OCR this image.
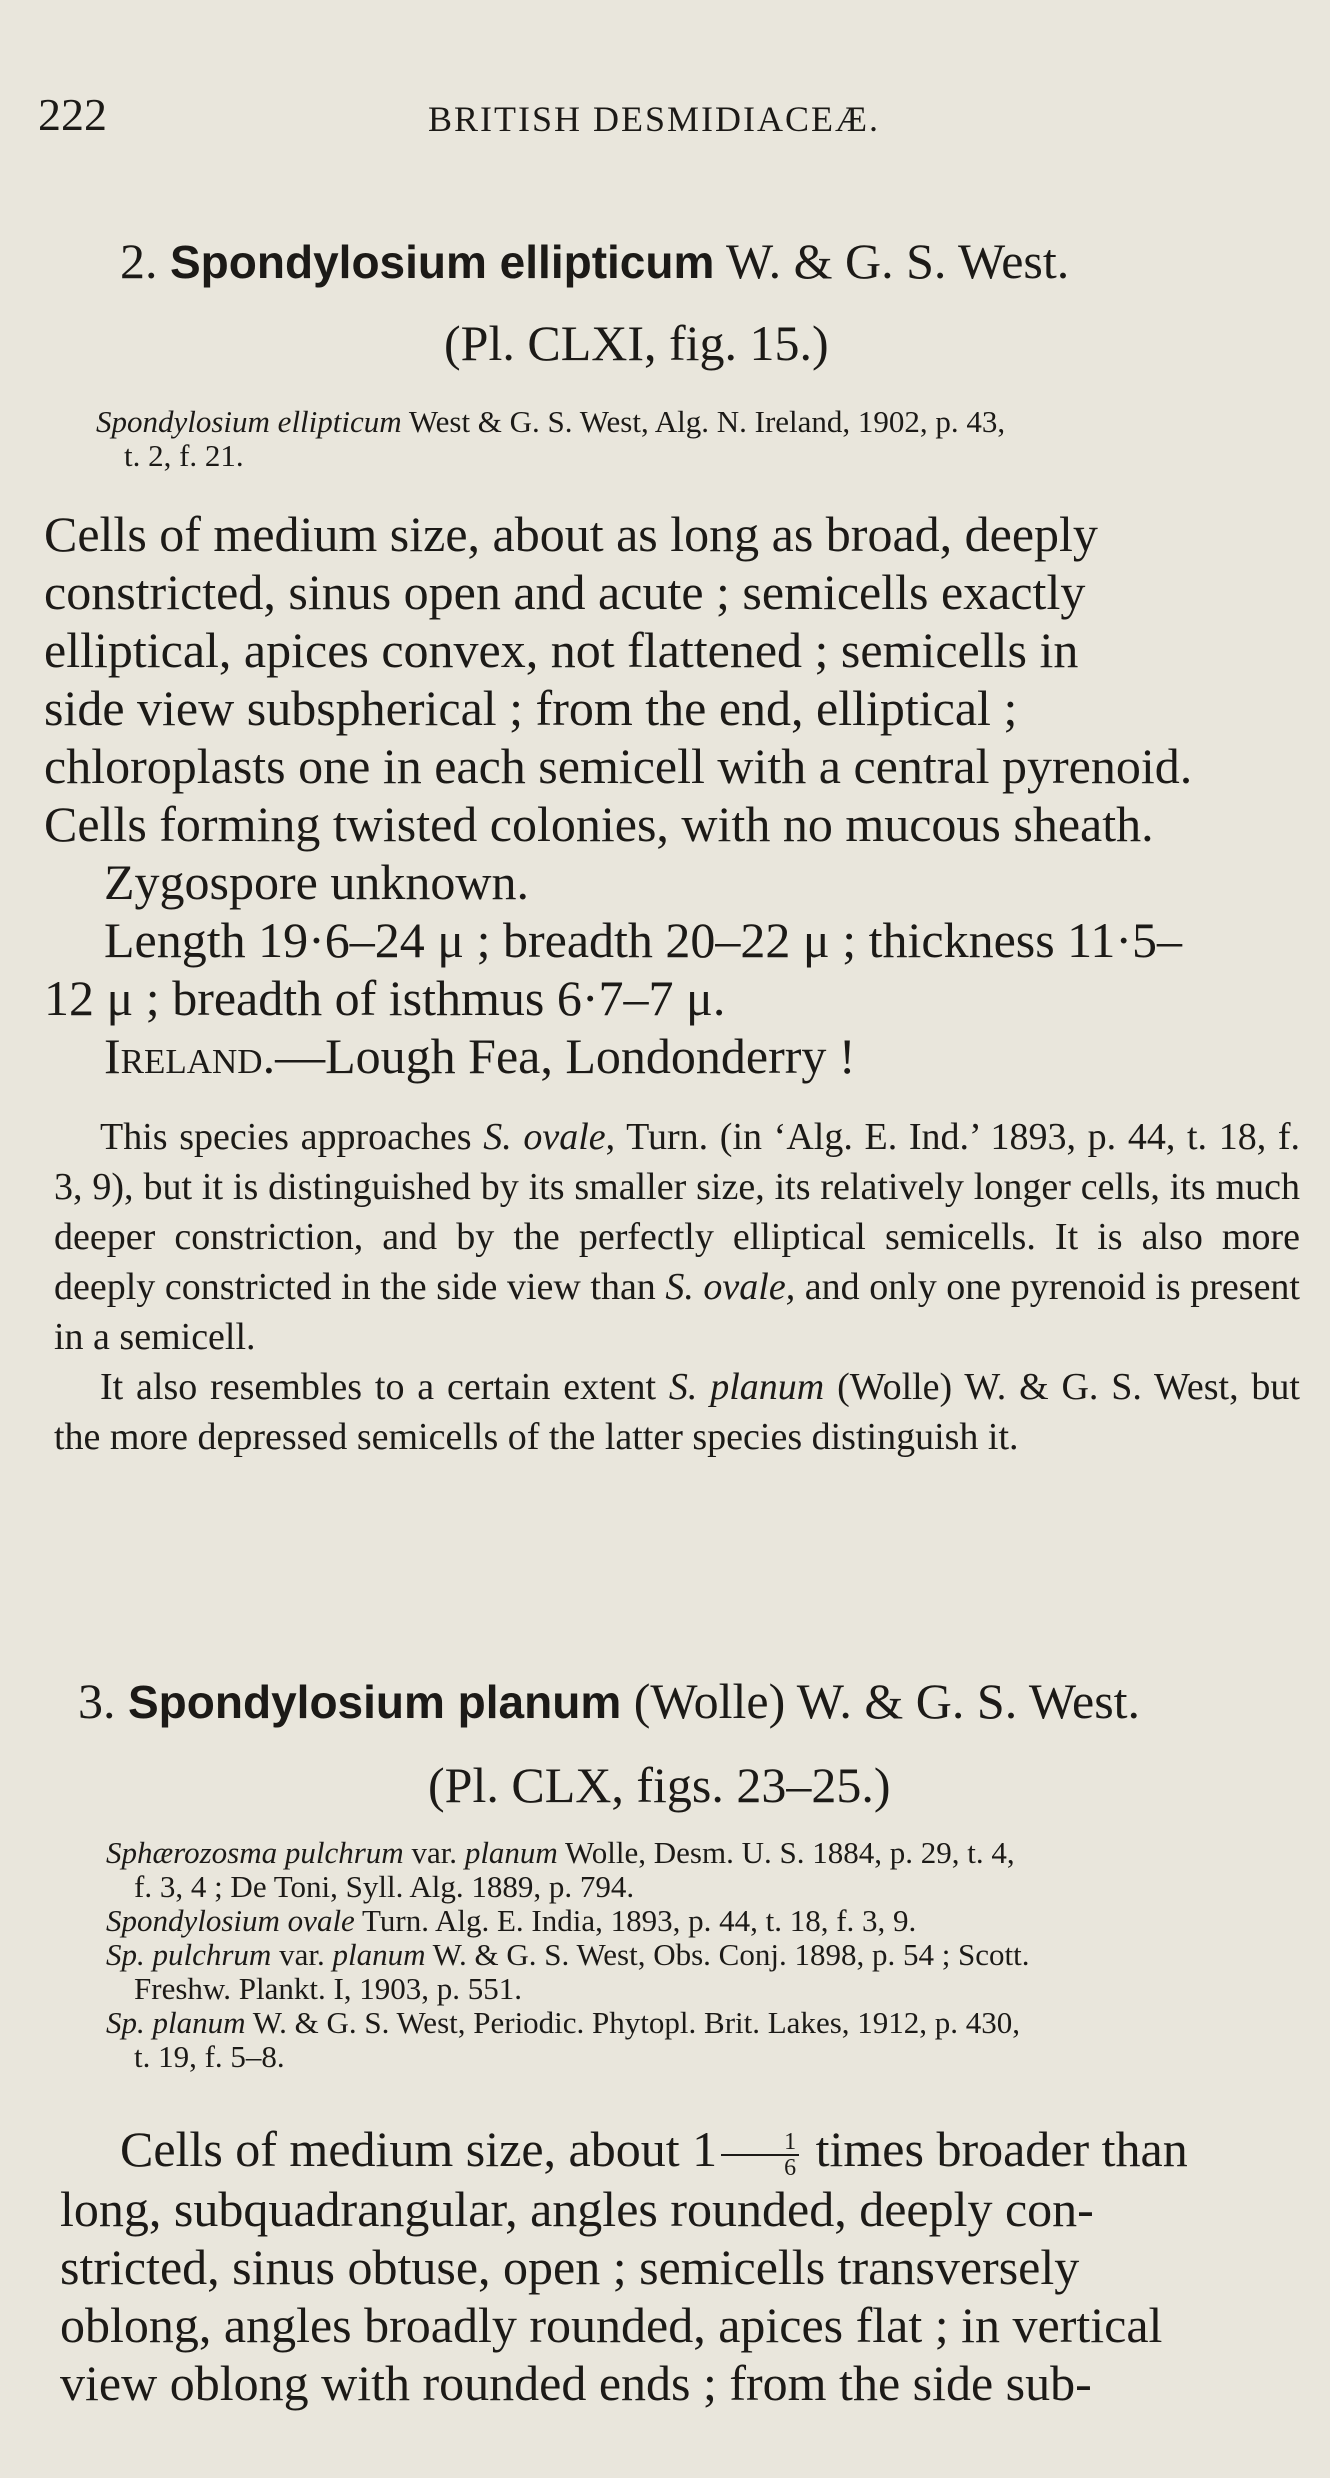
222	BRITISH DESMIDIACEÆ.
2. Spondylosium ellipticum W. & G. S. West.
(Pl. CLXI, fig. 15.)
Spondylosium ellipticum West & G. S. West, Alg. N. Ireland, 1902, p. 43,
t. 2, f. 21.
Cells of medium size, about as long as broad, deeply
constricted, sinus open and acute ; semicells exactly
elliptical, apices convex, not flattened ; semicells in
side view subspherical ; from the end, elliptical ;
chloroplasts one in each semicell with a central pyrenoid.
Cells forming twisted colonies, with no mucous sheath.
Zygospore unknown.
Length 19·6–24 μ ; breadth 20–22 μ ; thickness 11·5–
12 μ ; breadth of isthmus 6·7–7 μ.
Ireland.—Lough Fea, Londonderry !

This species approaches S. ovale, Turn. (in ‘Alg. E. Ind.’ 1893, p. 44, t. 18, f. 3, 9), but it is distinguished by its smaller size, its relatively longer cells, its much deeper constriction, and by the perfectly elliptical semicells. It is also more deeply constricted in the side view than S. ovale, and only one pyrenoid is present in a semicell.

It also resembles to a certain extent S. planum (Wolle) W. & G. S. West, but the more depressed semicells of the latter species distinguish it.

3. Spondylosium planum (Wolle) W. & G. S. West.
(Pl. CLX, figs. 23–25.)
Sphærozosma pulchrum var. planum Wolle, Desm. U. S. 1884, p. 29, t. 4,
f. 3, 4 ; De Toni, Syll. Alg. 1889, p. 794.
Spondylosium ovale Turn. Alg. E. India, 1893, p. 44, t. 18, f. 3, 9.
Sp. pulchrum var. planum W. & G. S. West, Obs. Conj. 1898, p. 54 ; Scott.
Freshw. Plankt. I, 1903, p. 551.
Sp. planum W. & G. S. West, Periodic. Phytopl. Brit. Lakes, 1912, p. 430,
t. 19, f. 5–8.
Cells of medium size, about $1 \frac{1}{6}$ times broader than
long, subquadrangular, angles rounded, deeply con-
stricted, sinus obtuse, open ; semicells transversely
oblong, angles broadly rounded, apices flat ; in vertical
view oblong with rounded ends ; from the side sub-
